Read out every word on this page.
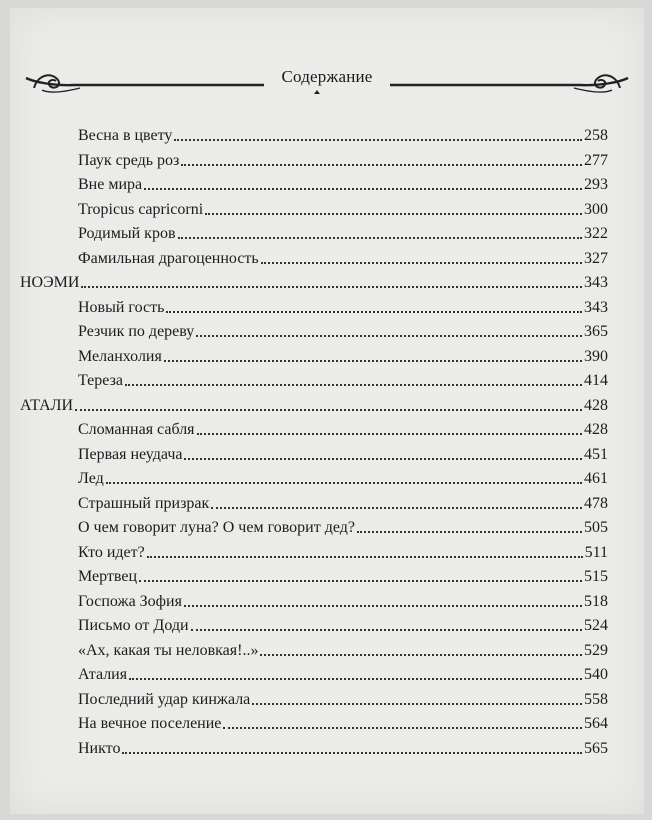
Содержание
Весна в цвету	258
Паук средь роз	277
Вне мира	293
Tropicus capricorni	300
Родимый кров	322
Фамильная драгоценность	327
НОЭМИ	343
Новый гость	343
Резчик по дереву	365
Меланхолия	390
Тереза	414
АТАЛИ	428
Сломанная сабля	428
Первая неудача	451
Лед	461
Страшный призрак	478
О чем говорит луна? О чем говорит дед?	505
Кто идет?	511
Мертвец	515
Госпожа Зофия	518
Письмо от Доди	524
«Ах, какая ты неловкая!..»	529
Аталия	540
Последний удар кинжала	558
На вечное поселение	564
Никто	565
